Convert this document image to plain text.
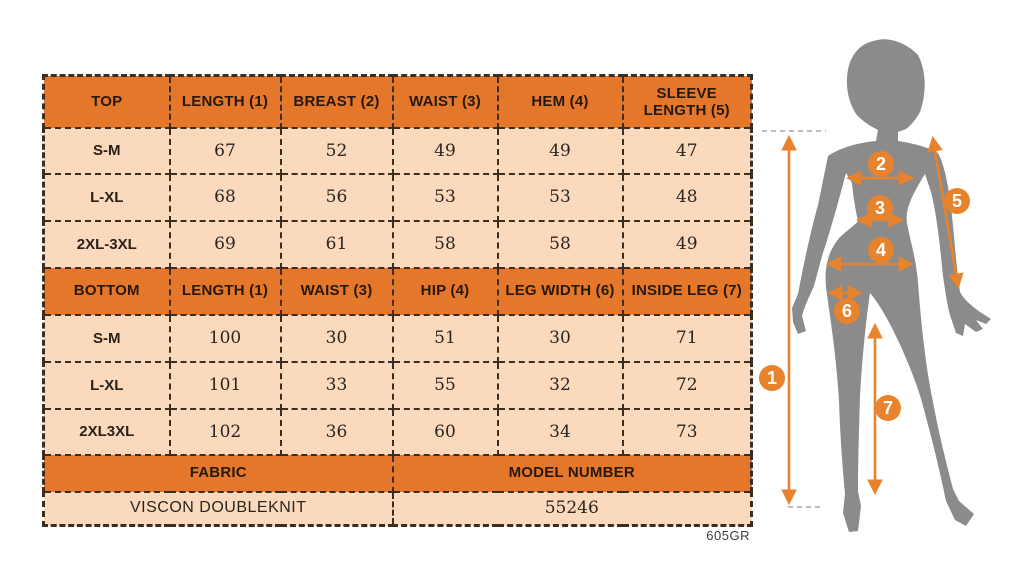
TOP	LENGTH (1)	BREAST (2)	WAIST (3)	HEM (4)	SLEEVE LENGTH (5)
S-M	67	52	49	49	47
L-XL	68	56	53	53	48
2XL-3XL	69	61	58	58	49
BOTTOM	LENGTH (1)	WAIST (3)	HIP (4)	LEG WIDTH (6)	INSIDE LEG (7)
S-M	100	30	51	30	71
L-XL	101	33	55	32	72
2XL3XL	102	36	60	34	73
FABRIC			MODEL NUMBER		
VISCON DOUBLEKNIT			55246		
605GR
1
2
3
4
5
6
7
